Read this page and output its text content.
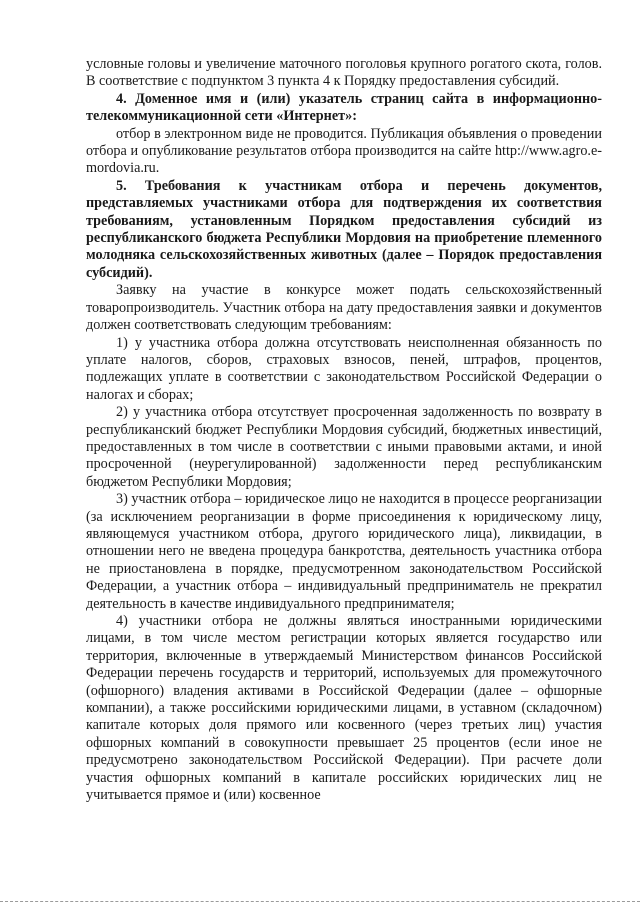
условные головы и увеличение маточного поголовья крупного рогатого скота, голов. В соответствие с подпунктом 3 пункта 4 к Порядку предоставления субсидий.

4. Доменное имя и (или) указатель страниц сайта в информационно-телекоммуникационной сети «Интернет»:

отбор в электронном виде не проводится. Публикация объявления о проведении отбора и опубликование результатов отбора производится на сайте http://www.agro.e-mordovia.ru.

5. Требования к участникам отбора и перечень документов, представляемых участниками отбора для подтверждения их соответствия требованиям, установленным Порядком предоставления субсидий из республиканского бюджета Республики Мордовия на приобретение племенного молодняка сельскохозяйственных животных (далее – Порядок предоставления субсидий).

Заявку на участие в конкурсе может подать сельскохозяйственный товаропроизводитель. Участник отбора на дату предоставления заявки и документов должен соответствовать следующим требованиям:

1) у участника отбора должна отсутствовать неисполненная обязанность по уплате налогов, сборов, страховых взносов, пеней, штрафов, процентов, подлежащих уплате в соответствии с законодательством Российской Федерации о налогах и сборах;

2) у участника отбора отсутствует просроченная задолженность по возврату в республиканский бюджет Республики Мордовия субсидий, бюджетных инвестиций, предоставленных в том числе в соответствии с иными правовыми актами, и иной просроченной (неурегулированной) задолженности перед республиканским бюджетом Республики Мордовия;

3) участник отбора – юридическое лицо не находится в процессе реорганизации (за исключением реорганизации в форме присоединения к юридическому лицу, являющемуся участником отбора, другого юридического лица), ликвидации, в отношении него не введена процедура банкротства, деятельность участника отбора не приостановлена в порядке, предусмотренном законодательством Российской Федерации, а участник отбора – индивидуальный предприниматель не прекратил деятельность в качестве индивидуального предпринимателя;

4) участники отбора не должны являться иностранными юридическими лицами, в том числе местом регистрации которых является государство или территория, включенные в утверждаемый Министерством финансов Российской Федерации перечень государств и территорий, используемых для промежуточного (офшорного) владения активами в Российской Федерации (далее – офшорные компании), а также российскими юридическими лицами, в уставном (складочном) капитале которых доля прямого или косвенного (через третьих лиц) участия офшорных компаний в совокупности превышает 25 процентов (если иное не предусмотрено законодательством Российской Федерации). При расчете доли участия офшорных компаний в капитале российских юридических лиц не учитывается прямое и (или) косвенное
